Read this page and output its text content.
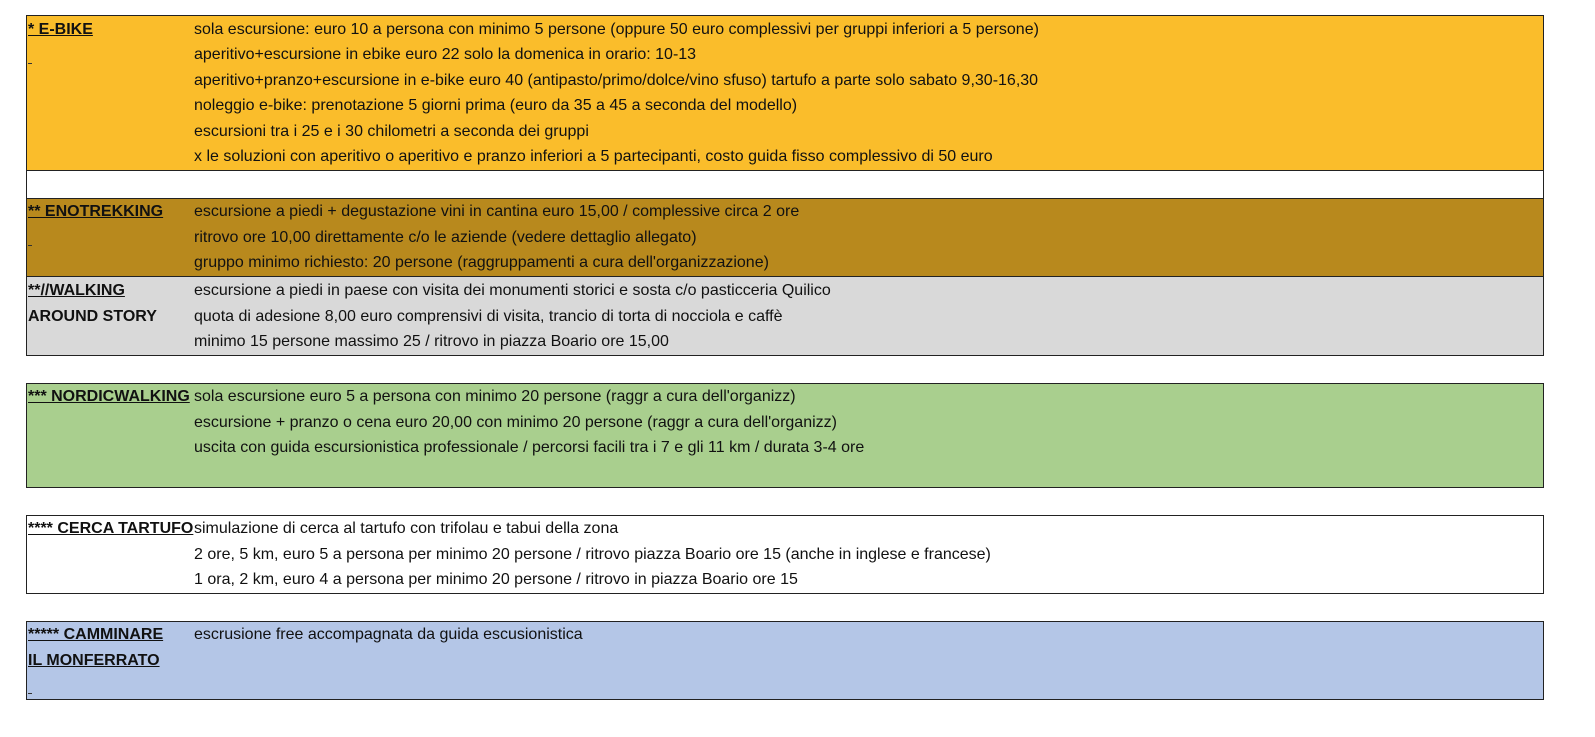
* E-BIKE	sola escursione: euro 10 a persona con minimo 5 persone (oppure 50 euro complessivi per gruppi inferiori a 5 persone)
aperitivo+escursione in ebike euro 22 solo la domenica in orario: 10-13
aperitivo+pranzo+escursione in e-bike euro 40 (antipasto/primo/dolce/vino sfuso) tartufo a parte solo sabato 9,30-16,30
noleggio e-bike: prenotazione 5 giorni prima (euro da 35 a 45 a seconda del modello)
escursioni tra i 25 e i 30 chilometri a seconda dei gruppi
x le soluzioni con aperitivo o aperitivo e pranzo inferiori a 5 partecipanti, costo guida fisso complessivo di 50 euro
** ENOTREKKING escursione a piedi + degustazione vini in cantina euro 15,00 / complessive circa 2 ore
ritrovo ore 10,00 direttamente c/o le aziende (vedere dettaglio allegato)
gruppo minimo richiesto: 20 persone (raggruppamenti a cura dell'organizzazione)
**//WALKING
AROUND STORY
escursione a piedi in paese con visita dei monumenti storici e sosta c/o pasticceria Quilico
quota di adesione 8,00 euro comprensivi di visita, trancio di torta di nocciola e caffè
minimo 15 persone massimo 25 / ritrovo in piazza Boario ore 15,00
*** NORDICWALKING sola escursione euro 5 a persona con minimo 20 persone (raggr a cura dell'organizz)
escursione + pranzo o cena euro 20,00 con minimo 20 persone (raggr a cura dell'organizz)
uscita con guida escursionistica professionale / percorsi facili tra i 7 e gli 11 km / durata 3-4 ore
**** CERCA TARTUFO simulazione di cerca al tartufo con trifolau e tabui della zona
2 ore, 5 km, euro 5 a persona per minimo 20 persone / ritrovo piazza Boario ore 15 (anche in inglese e francese)
1 ora, 2 km, euro 4 a persona per minimo 20 persone / ritrovo in piazza Boario ore 15
***** CAMMINARE
IL MONFERRATO
escrusione free accompagnata da guida escusionistica
